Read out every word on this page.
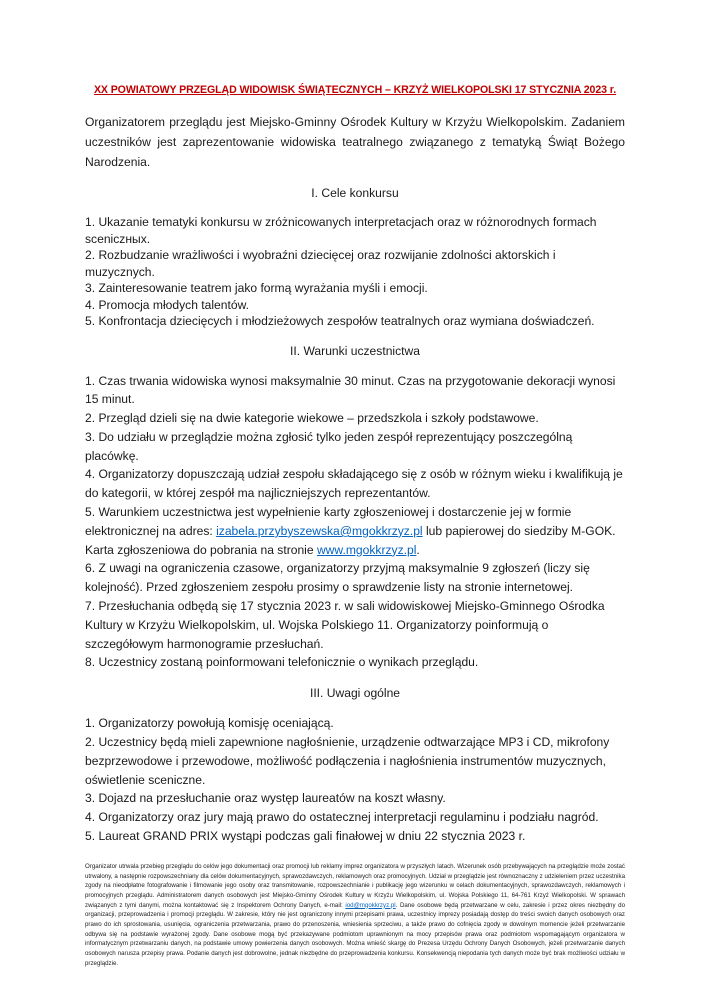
XX POWIATOWY PRZEGLĄD WIDOWISK ŚWIĄTECZNYCH – KRZYŻ WIELKOPOLSKI 17 STYCZNIA 2023 r.

Organizatorem przeglądu jest Miejsko-Gminny Ośrodek Kultury w Krzyżu Wielkopolskim. Zadaniem uczestników jest zaprezentowanie widowiska teatralnego związanego z tematyką Świąt Bożego Narodzenia.

I. Cele konkursu
1. Ukazanie tematyki konkursu w zróżnicowanych interpretacjach oraz w różnorodnych formach sceniczных.
2. Rozbudzanie wrażliwości i wyobraźni dziecięcej oraz rozwijanie zdolności aktorskich i muzycznych.
3. Zainteresowanie teatrem jako formą wyrażania myśli i emocji.
4. Promocja młodych talentów.
5. Konfrontacja dziecięcych i młodzieżowych zespołów teatralnych oraz wymiana doświadczeń.
II. Warunki uczestnictwa
1. Czas trwania widowiska wynosi maksymalnie 30 minut. Czas na przygotowanie dekoracji wynosi 15 minut.
2. Przegląd dzieli się na dwie kategorie wiekowe – przedszkola i szkoły podstawowe.
3. Do udziału w przeglądzie można zgłosić tylko jeden zespół reprezentujący poszczególną placówkę.
4. Organizatorzy dopuszczają udział zespołu składającego się z osób w różnym wieku i kwalifikują je do kategorii, w której zespół ma najliczniejszych reprezentantów.
5. Warunkiem uczestnictwa jest wypełnienie karty zgłoszeniowej i dostarczenie jej w formie elektronicznej na adres: izabela.przybyszewska@mgokkrzyz.pl lub papierowej do siedziby M-GOK. Karta zgłoszeniowa do pobrania na stronie www.mgokkrzyz.pl.
6. Z uwagi na ograniczenia czasowe, organizatorzy przyjmą maksymalnie 9 zgłoszeń (liczy się kolejność). Przed zgłoszeniem zespołu prosimy o sprawdzenie listy na stronie internetowej.
7. Przesłuchania odbędą się 17 stycznia 2023 r. w sali widowiskowej Miejsko-Gminnego Ośrodka Kultury w Krzyżu Wielkopolskim, ul. Wojska Polskiego 11. Organizatorzy poinformują o szczegółowym harmonogramie przesłuchań.
8. Uczestnicy zostaną poinformowani telefonicznie o wynikach przeglądu.
III. Uwagi ogólne
1. Organizatorzy powołują komisję oceniającą.
2. Uczestnicy będą mieli zapewnione nagłośnienie, urządzenie odtwarzające MP3 i CD, mikrofony bezprzewodowe i przewodowe, możliwość podłączenia i nagłośnienia instrumentów muzycznych, oświetlenie sceniczne.
3. Dojazd na przesłuchanie oraz występ laureatów na koszt własny.
4. Organizatorzy oraz jury mają prawo do ostatecznej interpretacji regulaminu i podziału nagród.
5. Laureat GRAND PRIX wystąpi podczas gali finałowej w dniu 22 stycznia 2023 r.

Organizator utrwala przebieg przeglądu do celów jego dokumentacji oraz promocji lub reklamy imprez organizatora w przyszłych latach. Wizerunek osób przebywających na przeglądzie może zostać utrwalony, a następnie rozpowszechniany dla celów dokumentacyjnych, sprawozdawczych, reklamowych oraz promocyjnych. Udział w przeglądzie jest równoznaczny z udzieleniem przez uczestnika zgody na nieodpłatne fotografowanie i filmowanie jego osoby oraz transmitowanie, rozpowszechnianie i publikację jego wizerunku w celach dokumentacyjnych, sprawozdawczych, reklamowych i promocyjnych przeglądu. Administratorem danych osobowych jest Miejsko-Gminny Ośrodek Kultury w Krzyżu Wielkopolskim, ul. Wojska Polskiego 11, 64-761 Krzyż Wielkopolski. W sprawach związanych z tymi danymi, można kontaktować się z Inspektorem Ochrony Danych, e-mail: iod@mgokkrzyz.pl. Dane osobowe będą przetwarzane w celu, zakresie i przez okres niezbędny do organizacji, przeprowadzenia i promocji przeglądu. W zakresie, który nie jest ograniczony innymi przepisami prawa, uczestnicy imprezy posiadają dostęp do treści swoich danych osobowych oraz prawo do ich sprostowania, usunięcia, ograniczenia przetwarzania, prawo do przenoszenia, wniesienia sprzeciwu, a także prawo do cofnięcia zgody w dowolnym momencie jeżeli przetwarzanie odbywa się na podstawie wyrażonej zgody. Dane osobowe mogą być przekazywane podmiotom uprawnionym na mocy przepisów prawa oraz podmiotom wspomagającym organizatora w informatycznym przetwarzaniu danych, na podstawie umowy powierzenia danych osobowych. Można wnieść skargę do Prezesa Urzędu Ochrony Danych Osobowych, jeżeli przetwarzanie danych osobowych narusza przepisy prawa. Podanie danych jest dobrowolne, jednak niezbędne do przeprowadzenia konkursu. Konsekwencją niepodania tych danych może być brak możliwości udziału w przeglądzie.
